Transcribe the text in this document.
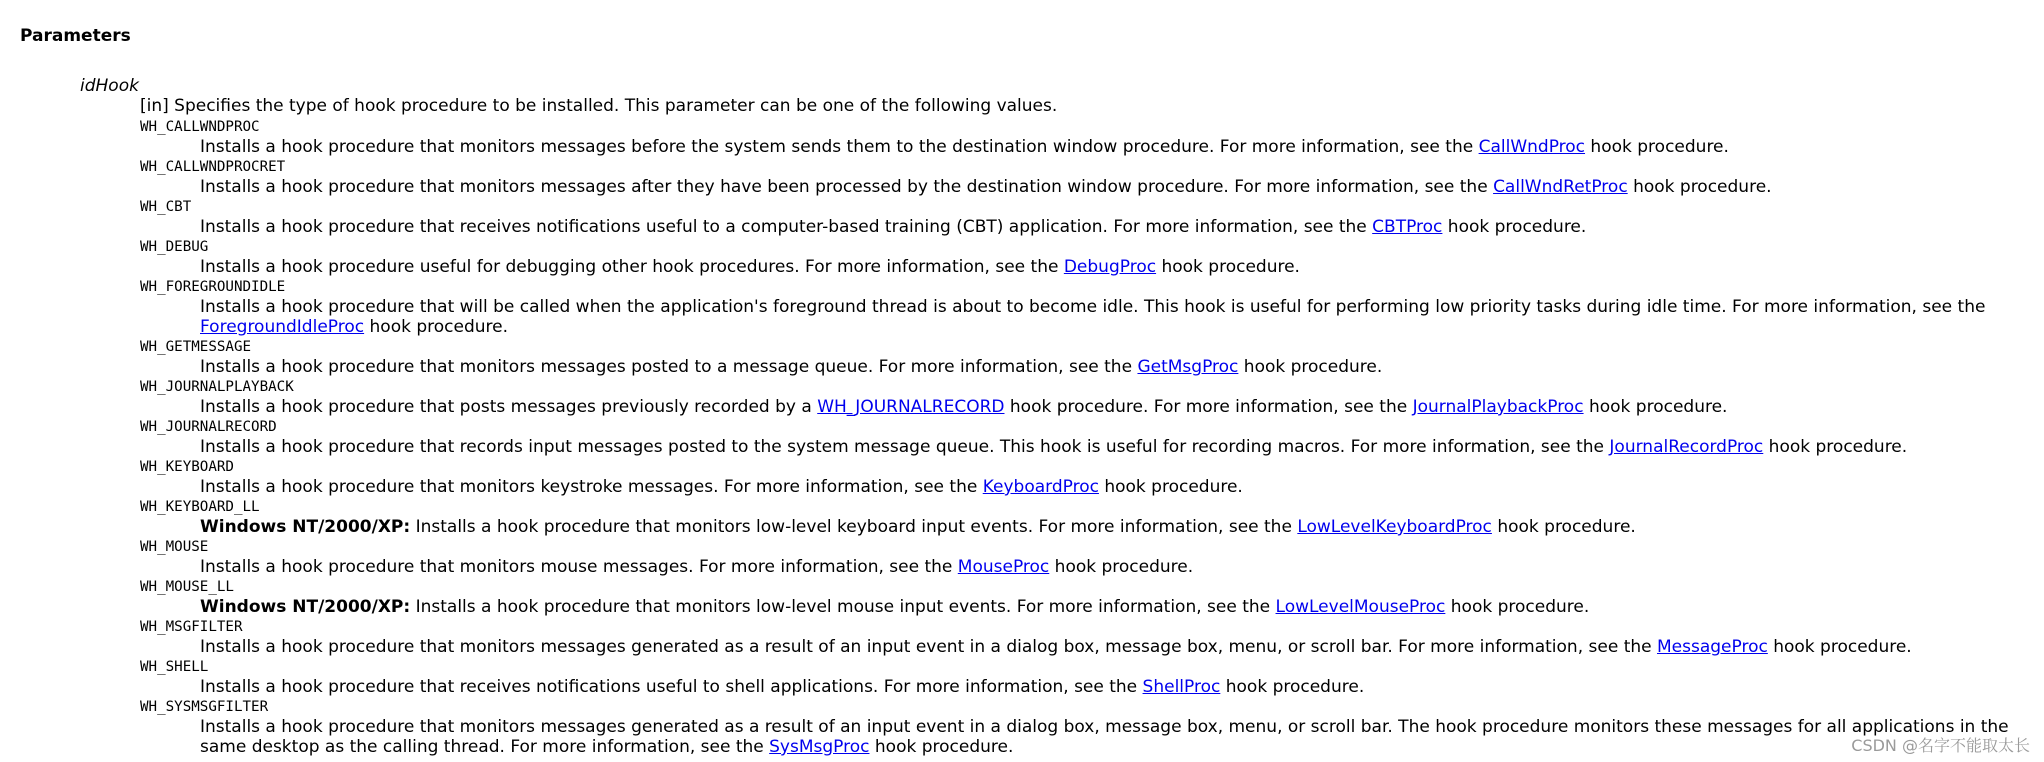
Parameters
idHook
[in] Specifies the type of hook procedure to be installed. This parameter can be one of the following values.
WH_CALLWNDPROC
Installs a hook procedure that monitors messages before the system sends them to the destination window procedure. For more information, see the CallWndProc hook procedure.
WH_CALLWNDPROCRET
Installs a hook procedure that monitors messages after they have been processed by the destination window procedure. For more information, see the CallWndRetProc hook procedure.
WH_CBT
Installs a hook procedure that receives notifications useful to a computer-based training (CBT) application. For more information, see the CBTProc hook procedure.
WH_DEBUG
Installs a hook procedure useful for debugging other hook procedures. For more information, see the DebugProc hook procedure.
WH_FOREGROUNDIDLE
Installs a hook procedure that will be called when the application's foreground thread is about to become idle. This hook is useful for performing low priority tasks during idle time. For more information, see the ForegroundIdleProc hook procedure.
WH_GETMESSAGE
Installs a hook procedure that monitors messages posted to a message queue. For more information, see the GetMsgProc hook procedure.
WH_JOURNALPLAYBACK
Installs a hook procedure that posts messages previously recorded by a WH_JOURNALRECORD hook procedure. For more information, see the JournalPlaybackProc hook procedure.
WH_JOURNALRECORD
Installs a hook procedure that records input messages posted to the system message queue. This hook is useful for recording macros. For more information, see the JournalRecordProc hook procedure.
WH_KEYBOARD
Installs a hook procedure that monitors keystroke messages. For more information, see the KeyboardProc hook procedure.
WH_KEYBOARD_LL
Windows NT/2000/XP: Installs a hook procedure that monitors low-level keyboard input events. For more information, see the LowLevelKeyboardProc hook procedure.
WH_MOUSE
Installs a hook procedure that monitors mouse messages. For more information, see the MouseProc hook procedure.
WH_MOUSE_LL
Windows NT/2000/XP: Installs a hook procedure that monitors low-level mouse input events. For more information, see the LowLevelMouseProc hook procedure.
WH_MSGFILTER
Installs a hook procedure that monitors messages generated as a result of an input event in a dialog box, message box, menu, or scroll bar. For more information, see the MessageProc hook procedure.
WH_SHELL
Installs a hook procedure that receives notifications useful to shell applications. For more information, see the ShellProc hook procedure.
WH_SYSMSGFILTER
Installs a hook procedure that monitors messages generated as a result of an input event in a dialog box, message box, menu, or scroll bar. The hook procedure monitors these messages for all applications in the same desktop as the calling thread. For more information, see the SysMsgProc hook procedure.	CSDN @名字不能取太长
